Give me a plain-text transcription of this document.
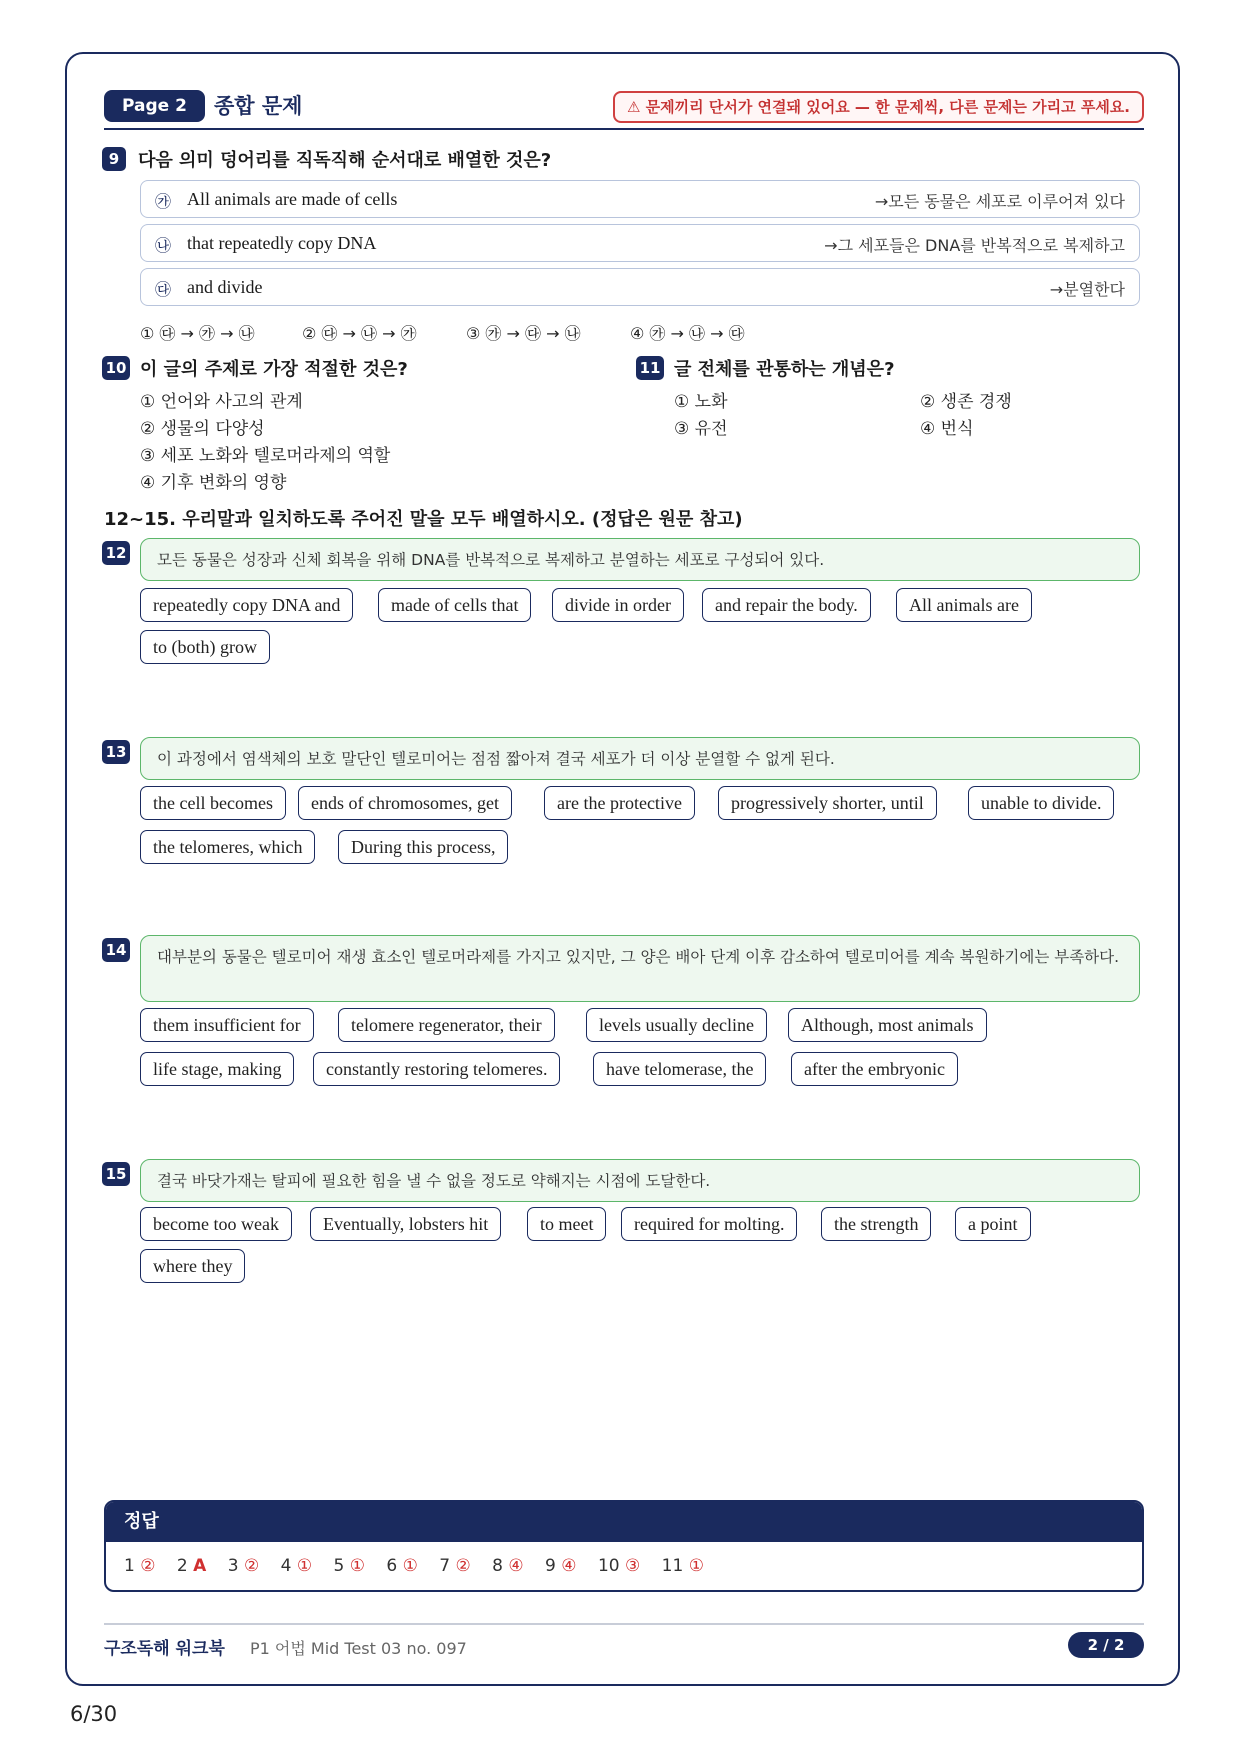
Page 2	종합 문제	⚠ 문제끼리 단서가 연결돼 있어요 — 한 문제씩, 다른 문제는 가리고 푸세요.
9	다음 의미 덩어리를 직독직해 순서대로 배열한 것은?
㉮ All animals are made of cells	→모든 동물은 세포로 이루어져 있다
㉯ that repeatedly copy DNA	→그 세포들은 DNA를 반복적으로 복제하고
㉰ and divide	→분열한다
① ㉰ → ㉮ → ㉯	② ㉰ → ㉯ → ㉮	③ ㉮ → ㉰ → ㉯	④ ㉮ → ㉯ → ㉰
10 이 글의 주제로 가장 적절한 것은?
① 언어와 사고의 관계
② 생물의 다양성
③ 세포 노화와 텔로머라제의 역할
④ 기후 변화의 영향
11 글 전체를 관통하는 개념은?
① 노화	② 생존 경쟁
③ 유전	④ 번식
12~15. 우리말과 일치하도록 주어진 말을 모두 배열하시오. (정답은 원문 참고)
12	모든 동물은 성장과 신체 회복을 위해 DNA를 반복적으로 복제하고 분열하는 세포로 구성되어 있다.
repeatedly copy DNA and	made of cells that	divide in order	and repair the body.	All animals are
to (both) grow
13	이 과정에서 염색체의 보호 말단인 텔로미어는 점점 짧아져 결국 세포가 더 이상 분열할 수 없게 된다.
the cell becomes	ends of chromosomes, get	are the protective	progressively shorter, until	unable to divide.
the telomeres, which	During this process,
14	대부분의 동물은 텔로미어 재생 효소인 텔로머라제를 가지고 있지만, 그 양은 배아 단계 이후 감소하여 텔로미어를 계속 복원하기에는 부족하다.
them insufficient for	telomere regenerator, their	levels usually decline	Although, most animals
life stage, making	constantly restoring telomeres.	have telomerase, the	after the embryonic
15	결국 바닷가재는 탈피에 필요한 힘을 낼 수 없을 정도로 약해지는 시점에 도달한다.
become too weak	Eventually, lobsters hit	to meet	required for molting.	the strength	a point
where they
정답
1 ② 2 A 3 ② 4 ① 5 ① 6 ① 7 ② 8 ④ 9 ④ 10 ③ 11 ①
구조독해 워크북 P1 어법 Mid Test 03 no. 097	2 / 2
6/30
